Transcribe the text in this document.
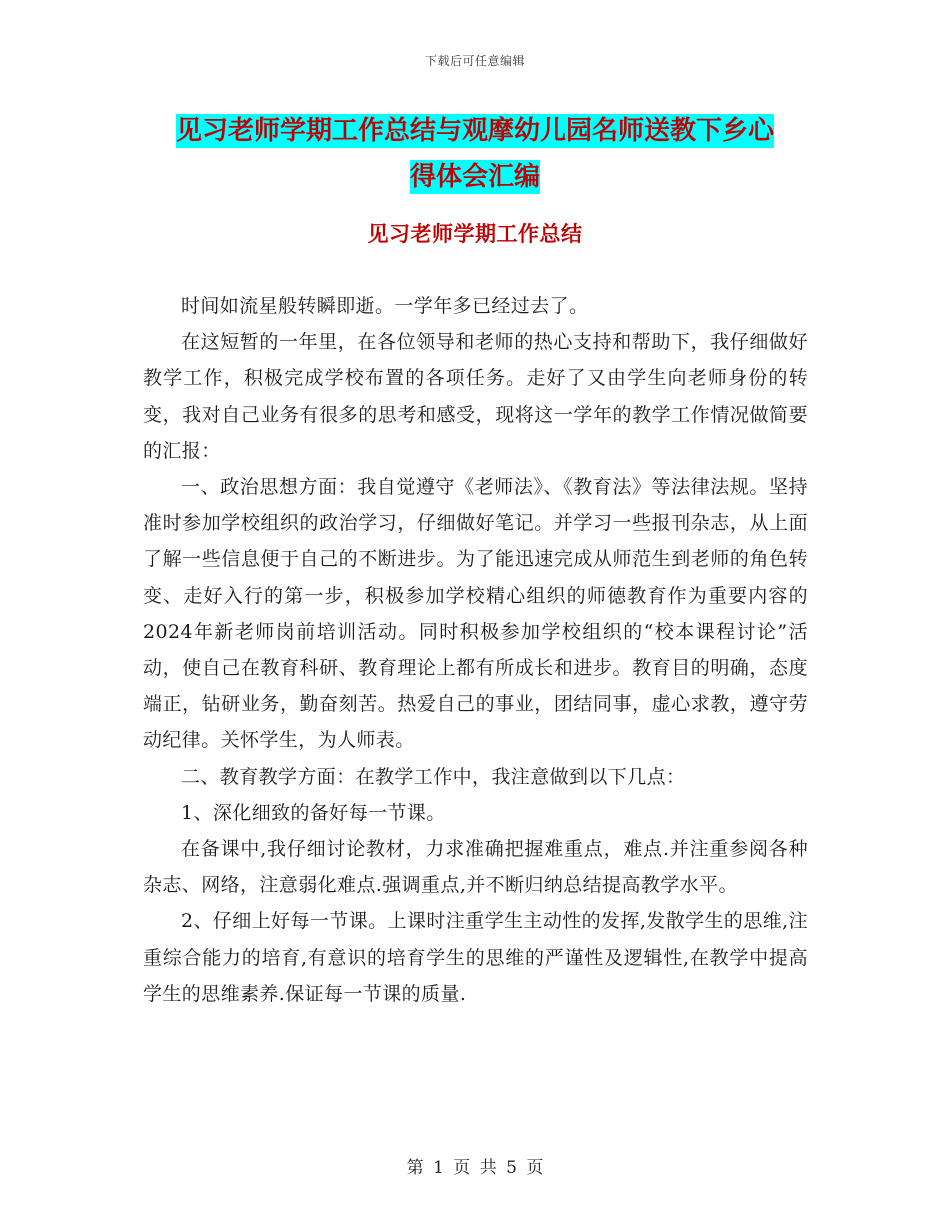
下载后可任意编辑
见习老师学期工作总结与观摩幼儿园名师送教下乡心
得体会汇编
见习老师学期工作总结

时间如流星般转瞬即逝。一学年多已经过去了。

在这短暂的一年里，在各位领导和老师的热心支持和帮助下，我仔细做好教学工作，积极完成学校布置的各项任务。走好了又由学生向老师身份的转变，我对自己业务有很多的思考和感受，现将这一学年的教学工作情况做简要的汇报：

一、政治思想方面：我自觉遵守《老师法》、《教育法》等法律法规。坚持准时参加学校组织的政治学习，仔细做好笔记。并学习一些报刊杂志，从上面了解一些信息便于自己的不断进步。为了能迅速完成从师范生到老师的角色转变、走好入行的第一步，积极参加学校精心组织的师德教育作为重要内容的2024年新老师岗前培训活动。同时积极参加学校组织的“校本课程讨论”活动，使自己在教育科研、教育理论上都有所成长和进步。教育目的明确，态度端正，钻研业务，勤奋刻苦。热爱自己的事业，团结同事，虚心求教，遵守劳动纪律。关怀学生，为人师表。

二、教育教学方面：在教学工作中，我注意做到以下几点：

1、深化细致的备好每一节课。

在备课中,我仔细讨论教材，力求准确把握难重点，难点.并注重参阅各种杂志、网络，注意弱化难点.强调重点,并不断归纳总结提高教学水平。

2、仔细上好每一节课。上课时注重学生主动性的发挥,发散学生的思维,注重综合能力的培育,有意识的培育学生的思维的严谨性及逻辑性,在教学中提高学生的思维素养.保证每一节课的质量.

第 1 页 共 5 页
